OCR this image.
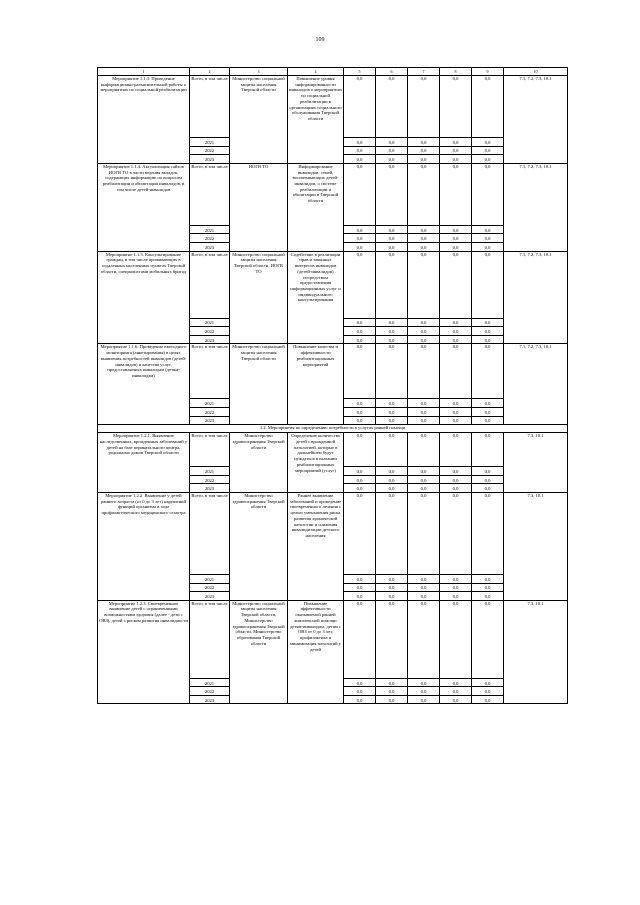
109
1	2	3	4	5	6	7	8	9	10
Мероприятие 1.1.3. Проведение информационно-разъяснительной работы о мероприятиях по социальной реабилитации	Всего, в том числе	Министерство социальной защиты населения Тверской области	Повышение уровня информированности инвалидов о мероприятиях по социальной реабилитации в организациях социального обслуживания Тверской области	0,0	0,0	0,0	0,0	0,0	7.1, 7.2, 7.3, 10.1
	2021			0,0	0,0	0,0	0,0	0,0	
	2022			0,0	0,0	0,0	0,0	0,0	
	2023			0,0	0,0	0,0	0,0	0,0	
Мероприятие 1.1.4. Актуализация сайтов ИОГВ ТО в части ведения вкладок, содержащих информацию по вопросам реабилитации и абилитации инвалидов, в том числе детей-инвалидов	Всего, в том числе	ИОГВ ТО	Информирование инвалидов, семей, воспитывающих детей-инвалидов, о системе реабилитации и абилитации в Тверской области	0,0	0,0	0,0	0,0	0,0	7.1, 7.2, 7.3, 10.1
	2021			0,0	0,0	0,0	0,0	0,0	
	2022			0,0	0,0	0,0	0,0	0,0	
	2023			0,0	0,0	0,0	0,0	0,0	
Мероприятие 1.1.5. Консультирование граждан, в том числе проживающих в отдаленных населенных пунктах Тверской области, специалистами мобильных бригад	Всего, в том числе	Министерство социальной защиты населения Тверской области, ИОГВ ТО	Содействие в реализации прав и законных интересов инвалидов (детей-инвалидов) посредством предоставления информационных услуг и индивидуального консультирования	0,0	0,0	0,0	0,0	0,0	7.1, 7.2, 7.3, 10.1
	2021			0,0	0,0	0,0	0,0	0,0	
	2022			0,0	0,0	0,0	0,0	0,0	
	2023			0,0	0,0	0,0	0,0	0,0	
Мероприятие 1.1.6. Проведение ежегодного мониторинга (анкетирования) в целях выявления потребностей инвалидов (детей-инвалидов) и качества услуг, предоставляемых инвалидам (детям-инвалидам)	Всего, в том числе	Министерство социальной защиты населения Тверской области	Повышение качества и эффективности реабилитационных мероприятий	0,0	0,0	0,0	0,0	0,0	7.1, 7.2, 7.3, 10.1
	2021			0,0	0,0	0,0	0,0	0,0	
	2022			0,0	0,0	0,0	0,0	0,0	
	2023			0,0	0,0	0,0	0,0	0,0	
1.2. Мероприятия по определению потребности в услугах ранней помощи									
Мероприятие 1.2.1. Выявление наследственных, врожденных заболеваний у детей на базе перинатального центра, родильных домов Тверской области	Всего, в том числе	Министерство здравоохранения Тверской области	Определение количества детей с врожденной патологией, которые в дальнейшем будут нуждаться в оказании реабилитационных мероприятий (услуг)	0,0	0,0	0,0	0,0	0,0	7.3, 10.1
	2021			0,0	0,0	0,0	0,0	0,0	
	2022			0,0	0,0	0,0	0,0	0,0	
	2023			0,0	0,0	0,0	0,0	0,0	
Мероприятие 1.2.2. Выявление у детей раннего возраста (от 0 до 3 лет) нарушений функций организма в ходе профилактического медицинского осмотра	Всего, в том числе	Министерство здравоохранения Тверской области	Раннее выявление заболеваний и проведение своевременного лечения с целью уменьшения риска развития хронической патологии и снижения инвалидизации детского населения	0,0	0,0	0,0	0,0	0,0	7.3, 10.1
	2021			0,0	0,0	0,0	0,0	0,0	
	2022			0,0	0,0	0,0	0,0	0,0	
	2023			0,0	0,0	0,0	0,0	0,0	
Мероприятие 1.2.3. Своевременное выявление детей с ограниченными возможностями здоровья (далее - дети с ОВЗ), детей с риском развития инвалидности	Всего, в том числе	Министерство социальной защиты населения Тверской области, Министерство здравоохранения Тверской области, Министерство образования Тверской области	Повышение эффективности оказываемой ранней комплексной помощи детям-инвалидам, детям с ОВЗ от 0 до 3 лет, профилактика и минимизация патологий у детей	0,0	0,0	0,0	0,0	0,0	7.3, 10.1
	2021			0,0	0,0	0,0	0,0	0,0	
	2022			0,0	0,0	0,0	0,0	0,0	
	2023			0,0	0,0	0,0	0,0	0,0	
